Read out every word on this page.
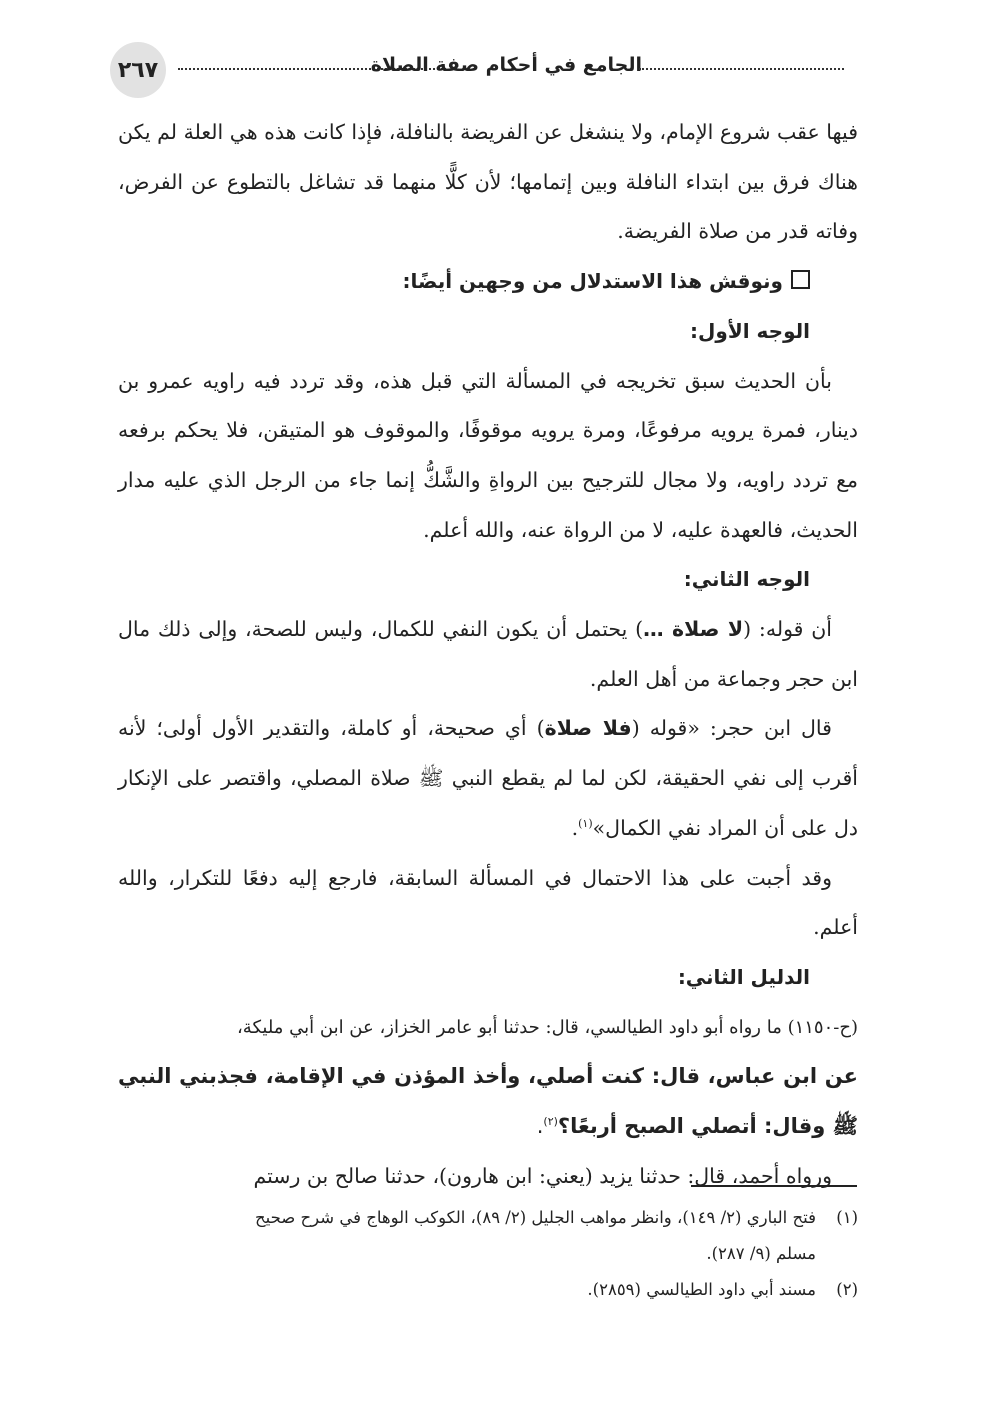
٢٦٧	الجامع في أحكام صفة الصلاة

فيها عقب شروع الإمام، ولا ينشغل عن الفريضة بالنافلة، فإذا كانت هذه هي العلة لم يكن هناك فرق بين ابتداء النافلة وبين إتمامها؛ لأن كلًّا منهما قد تشاغل بالتطوع عن الفرض، وفاته قدر من صلاة الفريضة.

ونوقش هذا الاستدلال من وجهين أيضًا:

الوجه الأول:

بأن الحديث سبق تخريجه في المسألة التي قبل هذه، وقد تردد فيه راويه عمرو بن دينار، فمرة يرويه مرفوعًا، ومرة يرويه موقوفًا، والموقوف هو المتيقن، فلا يحكم برفعه مع تردد راويه، ولا مجال للترجيح بين الرواةِ والشَّكُّ إنما جاء من الرجل الذي عليه مدار الحديث، فالعهدة عليه، لا من الرواة عنه، والله أعلم.

الوجه الثاني:

أن قوله: (لا صلاة …) يحتمل أن يكون النفي للكمال، وليس للصحة، وإلى ذلك مال ابن حجر وجماعة من أهل العلم.

قال ابن حجر: «قوله (فلا صلاة) أي صحيحة، أو كاملة، والتقدير الأول أولى؛ لأنه أقرب إلى نفي الحقيقة، لكن لما لم يقطع النبي ﷺ صلاة المصلي، واقتصر على الإنكار دل على أن المراد نفي الكمال»$^{(١)}$.

وقد أجبت على هذا الاحتمال في المسألة السابقة، فارجع إليه دفعًا للتكرار، والله أعلم.

الدليل الثاني:

(ح-١١٥٠) ما رواه أبو داود الطيالسي، قال: حدثنا أبو عامر الخزاز، عن ابن أبي مليكة،

عن ابن عباس، قال: كنت أصلي، وأخذ المؤذن في الإقامة، فجذبني النبي ﷺ وقال: أتصلي الصبح أربعًا؟$^{(٢)}$.

ورواه أحمد، قال: حدثنا يزيد (يعني: ابن هارون)، حدثنا صالح بن رستم

(١)فتح الباري (٢/ ١٤٩)، وانظر مواهب الجليل (٢/ ٨٩)، الكوكب الوهاج في شرح صحيح

مسلم (٩/ ٢٨٧).

(٢)مسند أبي داود الطيالسي (٢٨٥٩).
